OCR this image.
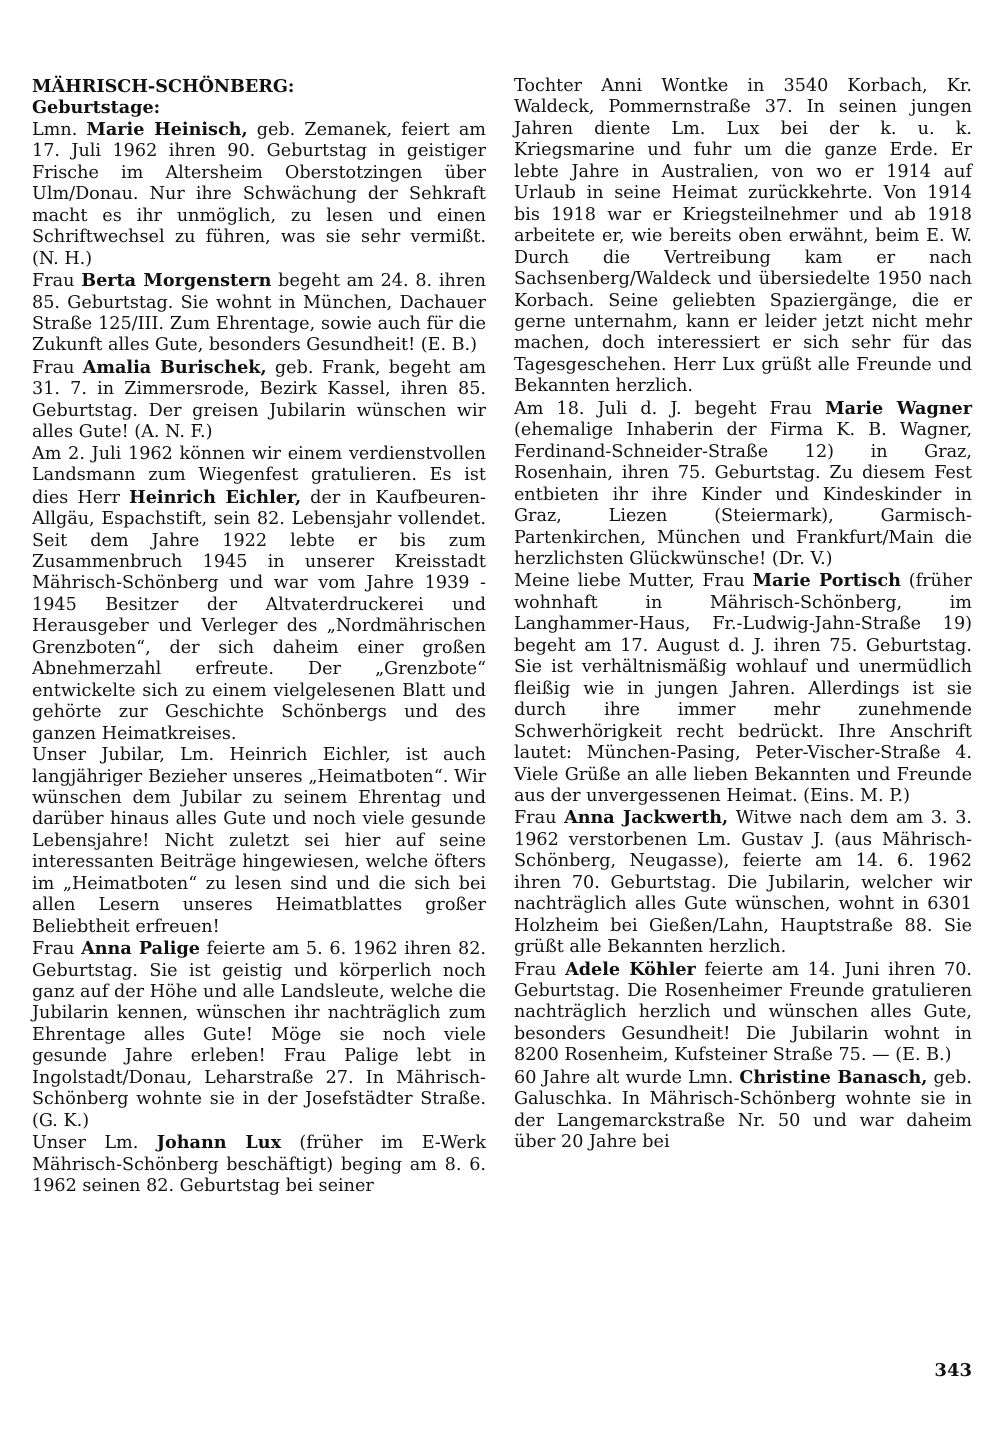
MÄHRISCH-SCHÖNBERG:

Geburtstage:

Lmn. Marie Heinisch, geb. Zemanek, feiert am 17. Juli 1962 ihren 90. Geburtstag in geistiger Frische im Altersheim Oberstotzingen über Ulm/Donau. Nur ihre Schwächung der Sehkraft macht es ihr unmöglich, zu lesen und einen Schriftwechsel zu führen, was sie sehr vermißt. (N. H.)

Frau Berta Morgenstern begeht am 24. 8. ihren 85. Geburtstag. Sie wohnt in München, Dachauer Straße 125/III. Zum Ehrentage, sowie auch für die Zukunft alles Gute, besonders Gesundheit! (E. B.)

Frau Amalia Burischek, geb. Frank, begeht am 31. 7. in Zimmersrode, Bezirk Kassel, ihren 85. Geburtstag. Der greisen Jubilarin wünschen wir alles Gute! (A. N. F.)

Am 2. Juli 1962 können wir einem verdienstvollen Landsmann zum Wiegenfest gratulieren. Es ist dies Herr Heinrich Eichler, der in Kaufbeuren-Allgäu, Espachstift, sein 82. Lebensjahr vollendet. Seit dem Jahre 1922 lebte er bis zum Zusammenbruch 1945 in unserer Kreisstadt Mährisch-Schönberg und war vom Jahre 1939 - 1945 Besitzer der Altvaterdruckerei und Herausgeber und Verleger des „Nordmährischen Grenzboten“, der sich daheim einer großen Abnehmerzahl erfreute. Der „Grenzbote“ entwickelte sich zu einem vielgelesenen Blatt und gehörte zur Geschichte Schönbergs und des ganzen Heimatkreises.

Unser Jubilar, Lm. Heinrich Eichler, ist auch langjähriger Bezieher unseres „Heimatboten“. Wir wünschen dem Jubilar zu seinem Ehrentag und darüber hinaus alles Gute und noch viele gesunde Lebensjahre! Nicht zuletzt sei hier auf seine interessanten Beiträge hingewiesen, welche öfters im „Heimatboten“ zu lesen sind und die sich bei allen Lesern unseres Heimatblattes großer Beliebtheit erfreuen!

Frau Anna Palige feierte am 5. 6. 1962 ihren 82. Geburtstag. Sie ist geistig und körperlich noch ganz auf der Höhe und alle Landsleute, welche die Jubilarin kennen, wünschen ihr nachträglich zum Ehrentage alles Gute! Möge sie noch viele gesunde Jahre erleben! Frau Palige lebt in Ingolstadt/Donau, Leharstraße 27. In Mährisch-Schönberg wohnte sie in der Josefstädter Straße. (G. K.)

Unser Lm. Johann Lux (früher im E-Werk Mährisch-Schönberg beschäftigt) beging am 8. 6. 1962 seinen 82. Geburtstag bei seiner

Tochter Anni Wontke in 3540 Korbach, Kr. Waldeck, Pommernstraße 37. In seinen jungen Jahren diente Lm. Lux bei der k. u. k. Kriegsmarine und fuhr um die ganze Erde. Er lebte Jahre in Australien, von wo er 1914 auf Urlaub in seine Heimat zurückkehrte. Von 1914 bis 1918 war er Kriegsteilnehmer und ab 1918 arbeitete er, wie bereits oben erwähnt, beim E. W. Durch die Vertreibung kam er nach Sachsenberg/Waldeck und übersiedelte 1950 nach Korbach. Seine geliebten Spaziergänge, die er gerne unternahm, kann er leider jetzt nicht mehr machen, doch interessiert er sich sehr für das Tagesgeschehen. Herr Lux grüßt alle Freunde und Bekannten herzlich.

Am 18. Juli d. J. begeht Frau Marie Wagner (ehemalige Inhaberin der Firma K. B. Wagner, Ferdinand-Schneider-Straße 12) in Graz, Rosenhain, ihren 75. Geburtstag. Zu diesem Fest entbieten ihr ihre Kinder und Kindeskinder in Graz, Liezen (Steiermark), Garmisch-Partenkirchen, München und Frankfurt/Main die herzlichsten Glückwünsche! (Dr. V.)

Meine liebe Mutter, Frau Marie Portisch (früher wohnhaft in Mährisch-Schönberg, im Langhammer-Haus, Fr.-Ludwig-Jahn-Straße 19) begeht am 17. August d. J. ihren 75. Geburtstag. Sie ist verhältnismäßig wohlauf und unermüdlich fleißig wie in jungen Jahren. Allerdings ist sie durch ihre immer mehr zunehmende Schwerhörigkeit recht bedrückt. Ihre Anschrift lautet: München-Pasing, Peter-Vischer-Straße 4. Viele Grüße an alle lieben Bekannten und Freunde aus der unvergessenen Heimat. (Eins. M. P.)

Frau Anna Jackwerth, Witwe nach dem am 3. 3. 1962 verstorbenen Lm. Gustav J. (aus Mährisch-Schönberg, Neugasse), feierte am 14. 6. 1962 ihren 70. Geburtstag. Die Jubilarin, welcher wir nachträglich alles Gute wünschen, wohnt in 6301 Holzheim bei Gießen/Lahn, Hauptstraße 88. Sie grüßt alle Bekannten herzlich.

Frau Adele Köhler feierte am 14. Juni ihren 70. Geburtstag. Die Rosenheimer Freunde gratulieren nachträglich herzlich und wünschen alles Gute, besonders Gesundheit! Die Jubilarin wohnt in 8200 Rosenheim, Kufsteiner Straße 75. — (E. B.)

60 Jahre alt wurde Lmn. Christine Banasch, geb. Galuschka. In Mährisch-Schönberg wohnte sie in der Langemarckstraße Nr. 50 und war daheim über 20 Jahre bei

343
